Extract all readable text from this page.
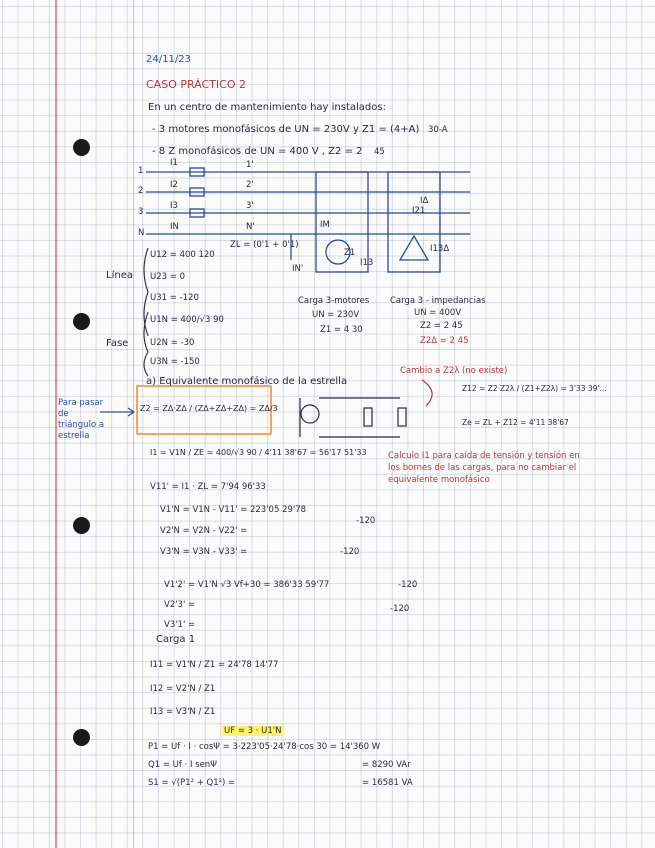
24/11/23
CASO PRÁCTICO 2
En un centro de mantenimiento hay instalados:
- 3 motores monofásicos de UN = 230V y Z1 = (4+A) 30-A
- 8 Z monofásicos de UN = 400 V , Z2 = 2 45
1
2
3
N
I1
I2
I3
IN
1'
2'
3'
N'
ZL = (0'1 + 0'1)
IN'
IM
Z1
I13
IΔ
I21
I13Δ
Carga 3-motores
UN = 230V
Z1 = 4 30
Carga 3 - impedancias
UN = 400V
Z2 = 2 45
Z2Δ = 2 45
Línea
U12 = 400 120
U23 = 0
U31 = -120
Fase
U1N = 400/√3 90
U2N = -30
U3N = -150
Para pasar de triángulo a estrella
a) Equivalente monofásico de la estrella
Z2 = ZΔ·ZΔ / (ZΔ+ZΔ+ZΔ) = ZΔ/3
I1 = V1N / ZE = 400/√3 90 / 4'11 38'67 = 56'17 51'33
V11' = I1 · ZL = 7'94 96'33
V1'N = V1N - V11' = 223'05 29'78
V2'N = V2N - V22' =
V3'N = V3N - V33' =
-120
-120
V1'2' = V1'N √3 Vf+30 = 386'33 59'77
V2'3' =
V3'1' =
-120
-120
Cambio a Z2λ (no existe)
Z12 = Z2·Z2λ / (Z1+Z2λ) = 3'33 39'...
Ze = ZL + Z12 = 4'11 38'67
Calculo I1 para caída de tensión y tensión en los bornes de las cargas, para no cambiar el equivalente monofásico
Carga 1
I11 = V1'N / Z1 = 24'78 14'77
I12 = V2'N / Z1
I13 = V3'N / Z1
UF = 3 · U1'N
P1 = Uf · I · cosΨ = 3·223'05·24'78·cos 30 = 14'360 W
Q1 = Uf · I senΨ
S1 = √(P1² + Q1²) =
= 8290 VAr
= 16581 VA
